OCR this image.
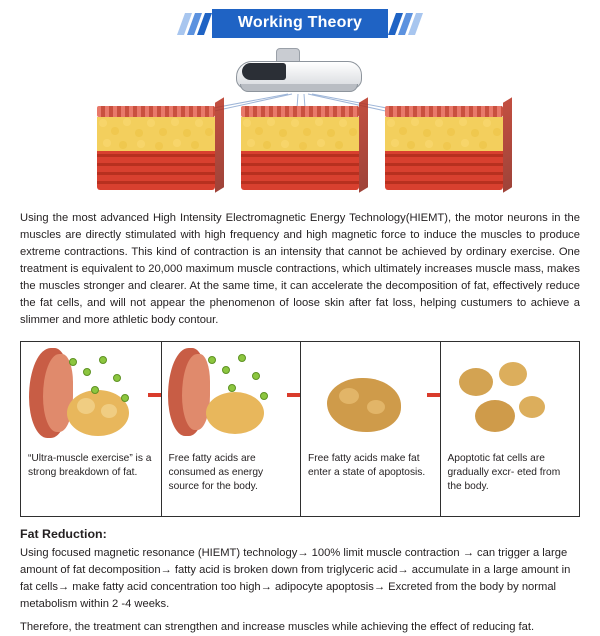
Working Theory
Using the most advanced High Intensity Electromagnetic Energy Technology(HIEMT), the motor neurons in the muscles are directly stimulated with high frequency and high magnetic force to induce the muscles to produce extreme contractions. This kind of contraction is an intensity that cannot be achieved by ordinary exercise. One treatment is equivalent to 20,000 maximum muscle contractions, which ultimately increases muscle mass, makes the muscles stronger and clearer. At the same time, it can accelerate the decomposition of fat, effectively reduce the fat cells, and will not appear the phenomenon of loose skin after fat loss, helping custumers to achieve a slimmer and more athletic body contour.
“Ultra-muscle exercise” is a strong breakdown of fat.
Free fatty acids are consumed as energy source for the body.
Free fatty acids make fat enter a state of apoptosis.
Apoptotic fat cells are gradually excr- eted from the body.
Fat Reduction:
Using focused magnetic resonance (HIEMT) technology→ 100% limit muscle contraction → can trigger a large amount of fat decomposition→ fatty acid is broken down from triglyceric acid→ accumulate in a large amount in fat cells→ make fatty acid concentration too high→ adipocyte apoptosis→ Excreted from the body by normal metabolism within 2 -4 weeks.
Therefore, the treatment can strengthen and increase muscles while achieving the effect of reducing fat.
